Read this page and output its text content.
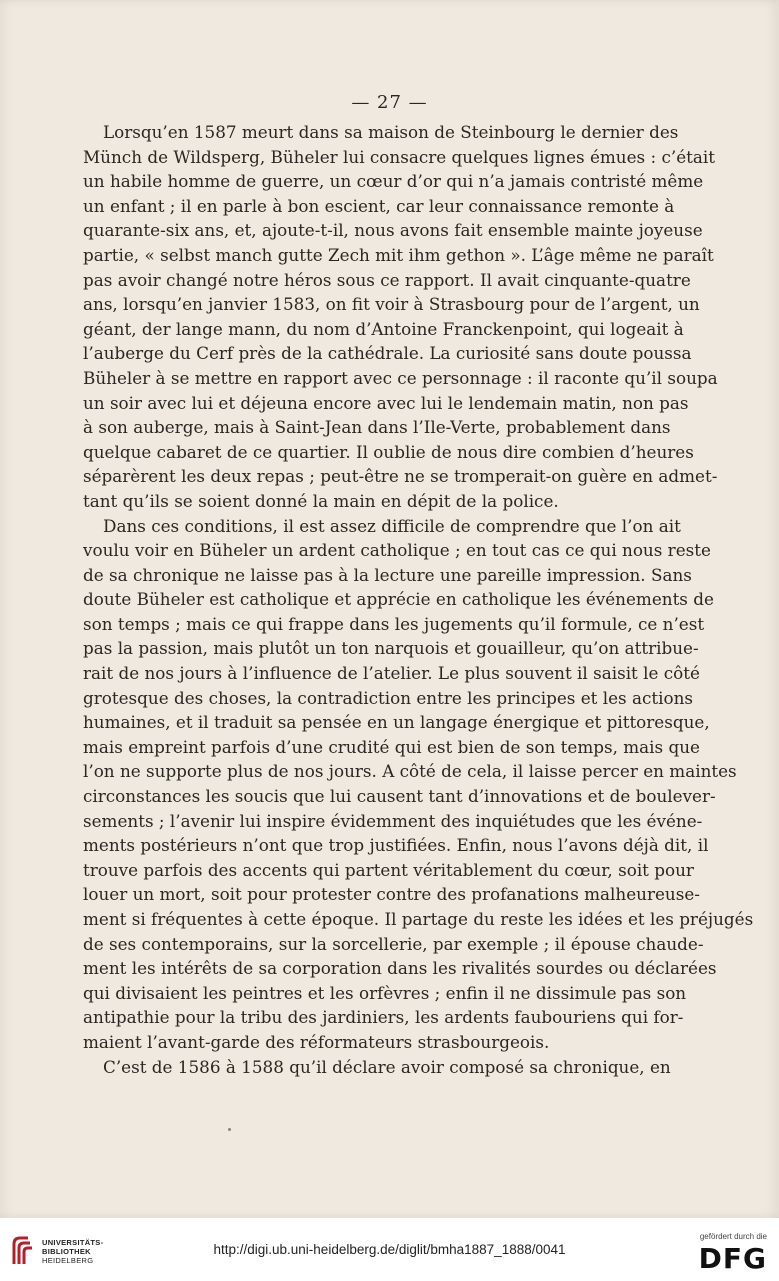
— 27 —
Lorsqu’en 1587 meurt dans sa maison de Steinbourg le dernier des
Münch de Wildsperg, Büheler lui consacre quelques lignes émues : c’était
un habile homme de guerre, un cœur d’or qui n’a jamais contristé même
un enfant ; il en parle à bon escient, car leur connaissance remonte à
quarante-six ans, et, ajoute-t-il, nous avons fait ensemble mainte joyeuse
partie, « selbst manch gutte Zech mit ihm gethon ». L’âge même ne paraît
pas avoir changé notre héros sous ce rapport. Il avait cinquante-quatre
ans, lorsqu’en janvier 1583, on fit voir à Strasbourg pour de l’argent, un
géant, der lange mann, du nom d’Antoine Franckenpoint, qui logeait à
l’auberge du Cerf près de la cathédrale. La curiosité sans doute poussa
Büheler à se mettre en rapport avec ce personnage : il raconte qu’il soupa
un soir avec lui et déjeuna encore avec lui le lendemain matin, non pas
à son auberge, mais à Saint-Jean dans l’Ile-Verte, probablement dans
quelque cabaret de ce quartier. Il oublie de nous dire combien d’heures
séparèrent les deux repas ; peut-être ne se tromperait-on guère en admet-
tant qu’ils se soient donné la main en dépit de la police.
Dans ces conditions, il est assez difficile de comprendre que l’on ait
voulu voir en Büheler un ardent catholique ; en tout cas ce qui nous reste
de sa chronique ne laisse pas à la lecture une pareille impression. Sans
doute Büheler est catholique et apprécie en catholique les événements de
son temps ; mais ce qui frappe dans les jugements qu’il formule, ce n’est
pas la passion, mais plutôt un ton narquois et gouailleur, qu’on attribue-
rait de nos jours à l’influence de l’atelier. Le plus souvent il saisit le côté
grotesque des choses, la contradiction entre les principes et les actions
humaines, et il traduit sa pensée en un langage énergique et pittoresque,
mais empreint parfois d’une crudité qui est bien de son temps, mais que
l’on ne supporte plus de nos jours. A côté de cela, il laisse percer en maintes
circonstances les soucis que lui causent tant d’innovations et de boulever-
sements ; l’avenir lui inspire évidemment des inquiétudes que les événe-
ments postérieurs n’ont que trop justifiées. Enfin, nous l’avons déjà dit, il
trouve parfois des accents qui partent véritablement du cœur, soit pour
louer un mort, soit pour protester contre des profanations malheureuse-
ment si fréquentes à cette époque. Il partage du reste les idées et les préjugés
de ses contemporains, sur la sorcellerie, par exemple ; il épouse chaude-
ment les intérêts de sa corporation dans les rivalités sourdes ou déclarées
qui divisaient les peintres et les orfèvres ; enfin il ne dissimule pas son
antipathie pour la tribu des jardiniers, les ardents faubouriens qui for-
maient l’avant-garde des réformateurs strasbourgeois.
C’est de 1586 à 1588 qu’il déclare avoir composé sa chronique, en
UNIVERSITÄTS-
BIBLIOTHEK
HEIDELBERG
http://digi.ub.uni-heidelberg.de/diglit/bmha1887_1888/0041
gefördert durch die
DFG
